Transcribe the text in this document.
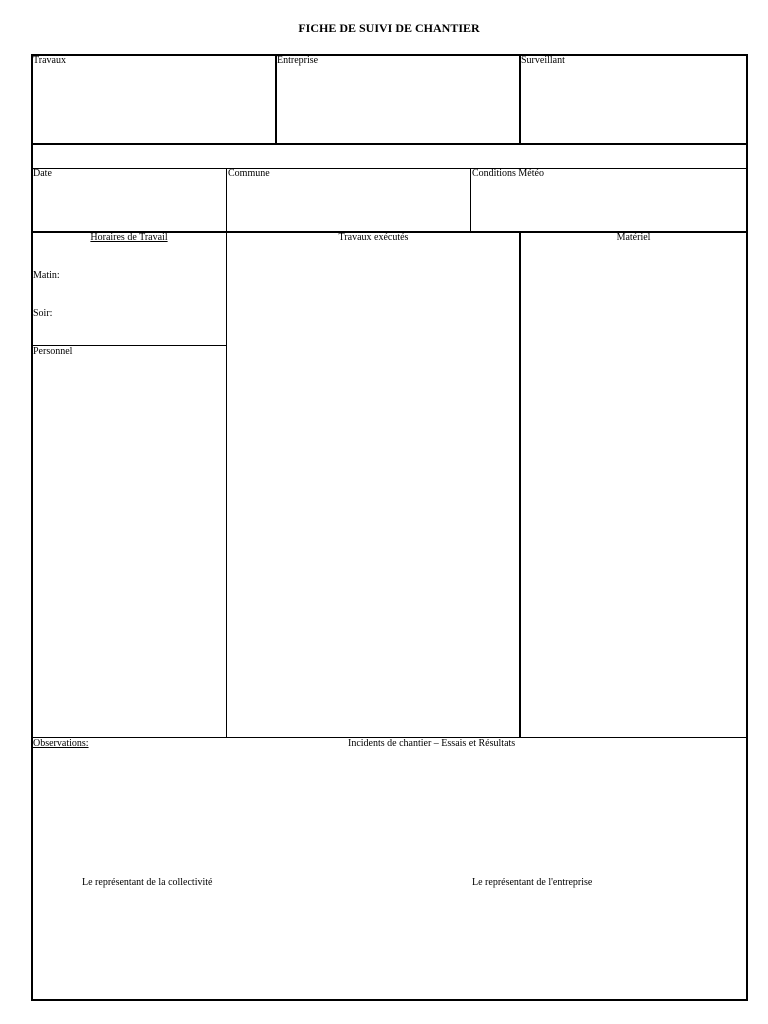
FICHE DE SUIVI DE CHANTIER
Travaux	Entreprise	Surveillant
Date	Commune	Conditions Météo
Horaires de Travail
Matin:
Soir:
Personnel
Travaux exécutés	Matériel
Observations:	Incidents de chantier – Essais et Résultats
Le représentant de la collectivité	Le représentant de l'entreprise
